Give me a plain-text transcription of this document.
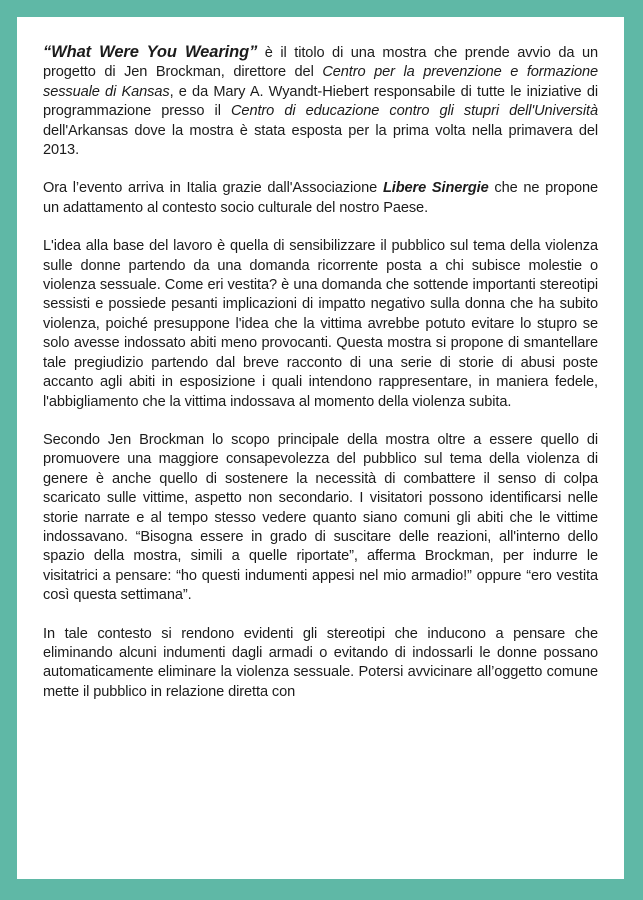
“What Were You Wearing” è il titolo di una mostra che prende avvio da un progetto di Jen Brockman, direttore del Centro per la prevenzione e formazione sessuale di Kansas, e da Mary A. Wyandt-Hiebert responsabile di tutte le iniziative di programmazione presso il Centro di educazione contro gli stupri dell'Università dell'Arkansas dove la mostra è stata esposta per la prima volta nella primavera del 2013.

Ora l’evento arriva in Italia grazie dall'Associazione Libere Sinergie che ne propone un adattamento al contesto socio culturale del nostro Paese.

L'idea alla base del lavoro è quella di sensibilizzare il pubblico sul tema della violenza sulle donne partendo da una domanda ricorrente posta a chi subisce molestie o violenza sessuale. Come eri vestita? è una domanda che sottende importanti stereotipi sessisti e possiede pesanti implicazioni di impatto negativo sulla donna che ha subito violenza, poiché presuppone l'idea che la vittima avrebbe potuto evitare lo stupro se solo avesse indossato abiti meno provocanti. Questa mostra si propone di smantellare tale pregiudizio partendo dal breve racconto di una serie di storie di abusi poste accanto agli abiti in esposizione i quali intendono rappresentare, in maniera fedele, l'abbigliamento che la vittima indossava al momento della violenza subita.

Secondo Jen Brockman lo scopo principale della mostra oltre a essere quello di promuovere una maggiore consapevolezza del pubblico sul tema della violenza di genere è anche quello di sostenere la necessità di combattere il senso di colpa scaricato sulle vittime, aspetto non secondario. I visitatori possono identificarsi nelle storie narrate e al tempo stesso vedere quanto siano comuni gli abiti che le vittime indossavano. “Bisogna essere in grado di suscitare delle reazioni, all'interno dello spazio della mostra, simili a quelle riportate”, afferma Brockman, per indurre le visitatrici a pensare: “ho questi indumenti appesi nel mio armadio!” oppure “ero vestita così questa settimana”.

In tale contesto si rendono evidenti gli stereotipi che inducono a pensare che eliminando alcuni indumenti dagli armadi o evitando di indossarli le donne possano automaticamente eliminare la violenza sessuale. Potersi avvicinare all’oggetto comune mette il pubblico in relazione diretta con
